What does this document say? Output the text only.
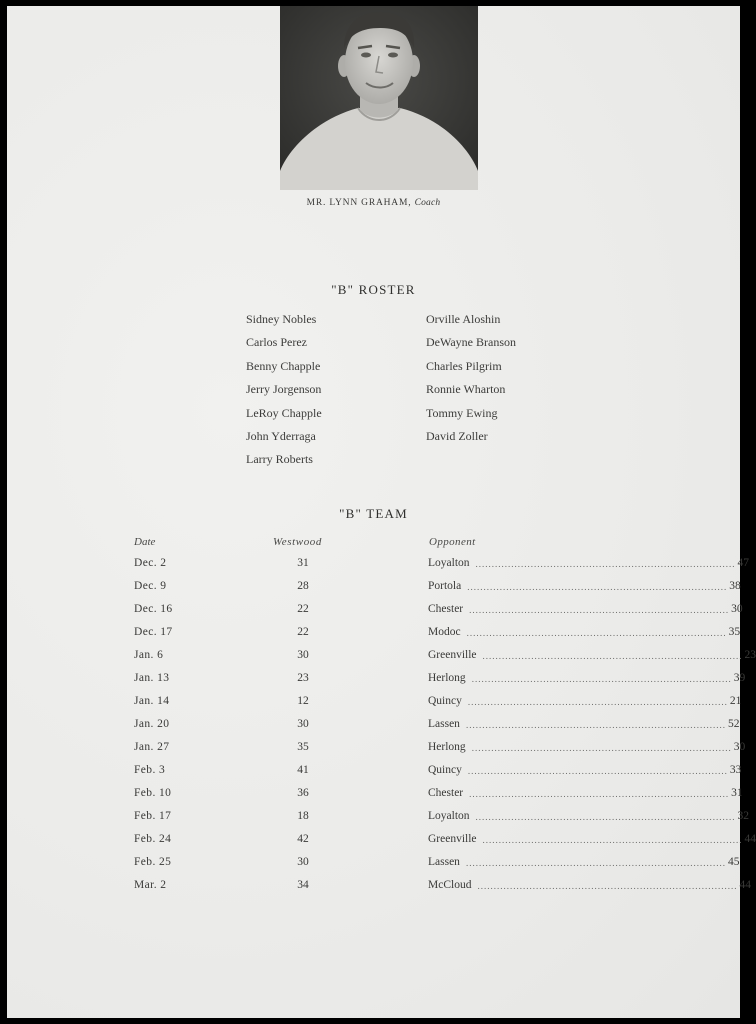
MR. LYNN GRAHAM, Coach
"B" ROSTER
Sidney Nobles
Carlos Perez
Benny Chapple
Jerry Jorgenson
LeRoy Chapple
John Yderraga
Larry Roberts
Orville Aloshin
DeWayne Branson
Charles Pilgrim
Ronnie Wharton
Tommy Ewing
David Zoller
"B" TEAM
Date	Westwood	Opponent
Dec. 2	31	Loyalton ................................................................................ 47
Dec. 9	28	Portola ................................................................................ 38
Dec. 16	22	Chester ................................................................................ 30
Dec. 17	22	Modoc ................................................................................ 35
Jan. 6	30	Greenville ................................................................................ 23
Jan. 13	23	Herlong ................................................................................ 39
Jan. 14	12	Quincy ................................................................................ 21
Jan. 20	30	Lassen ................................................................................ 52
Jan. 27	35	Herlong ................................................................................ 30
Feb. 3	41	Quincy ................................................................................ 33
Feb. 10	36	Chester ................................................................................ 31
Feb. 17	18	Loyalton ................................................................................ 32
Feb. 24	42	Greenville ................................................................................ 44
Feb. 25	30	Lassen ................................................................................ 45
Mar. 2	34	McCloud ................................................................................ 44
